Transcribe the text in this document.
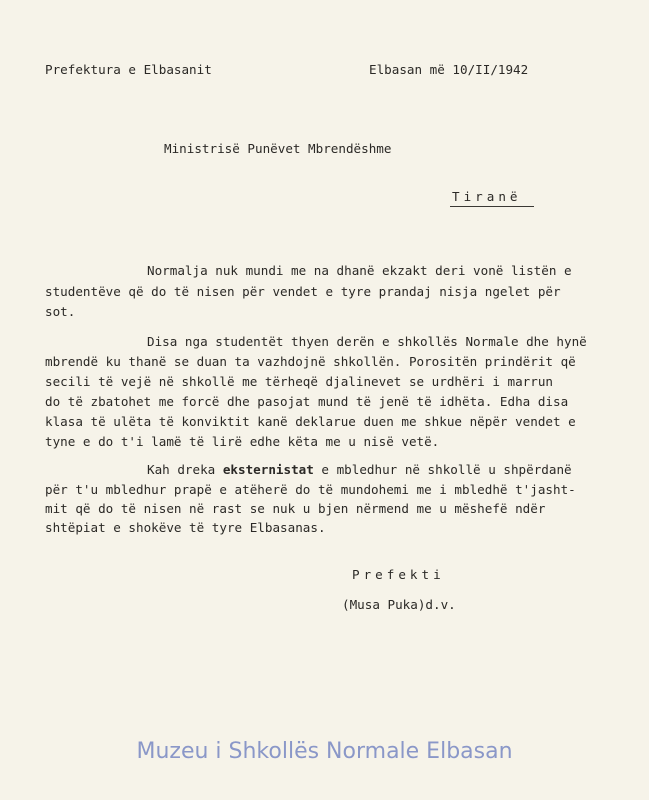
Prefektura e Elbasanit	Elbasan më 10/II/1942
Ministrisë Punëvet Mbrendëshme
Tiranë
Normalja nuk mundi me na dhanë ekzakt deri vonë listën e
studentëve që do të nisen për vendet e tyre prandaj nisja ngelet për
sot.
Disa nga studentët thyen derën e shkollës Normale dhe hynë
mbrendë ku thanë se duan ta vazhdojnë shkollën. Porositën prindërit që
secili të vejë në shkollë me tërheqë djalinevet se urdhëri i marrun
do të zbatohet me forcë dhe pasojat mund të jenë të idhëta. Edha disa
klasa të ulëta të konviktit kanë deklarue duen me shkue nëpër vendet e
tyne e do t'i lamë të lirë edhe këta me u nisë vetë.
Kah dreka eksternistat e mbledhur në shkollë u shpërdanë
për t'u mbledhur prapë e atëherë do të mundohemi me i mbledhë t'jasht-
mit që do të nisen në rast se nuk u bjen nërmend me u mëshefë ndër
shtëpiat e shokëve të tyre Elbasanas.
Prefekti
(Musa Puka)d.v.
Muzeu i Shkollës Normale Elbasan
